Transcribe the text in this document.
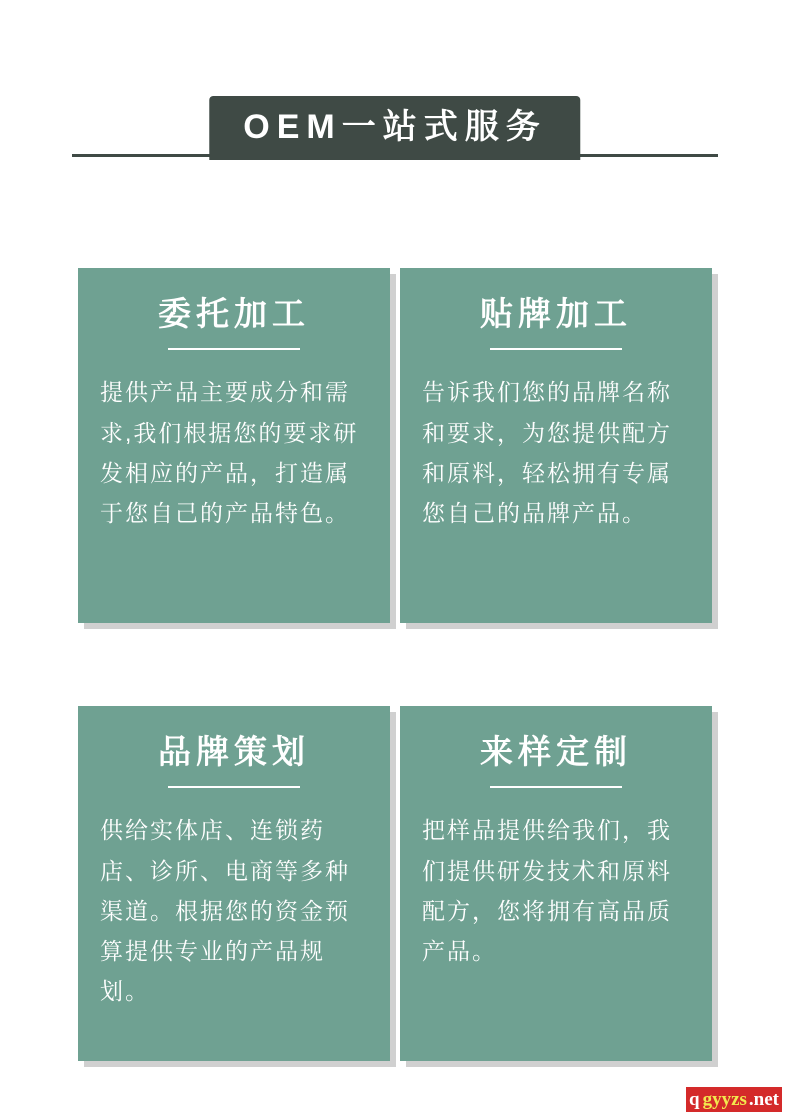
OEM一站式服务
委托加工
提供产品主要成分和需求,我们根据您的要求研发相应的产品，打造属于您自己的产品特色。
贴牌加工
告诉我们您的品牌名称和要求，为您提供配方和原料，轻松拥有专属您自己的品牌产品。
品牌策划
供给实体店、连锁药店、诊所、电商等多种渠道。根据您的资金预算提供专业的产品规划。
来样定制
把样品提供给我们，我们提供研发技术和原料配方，您将拥有高品质产品。
q gyyzs .net
